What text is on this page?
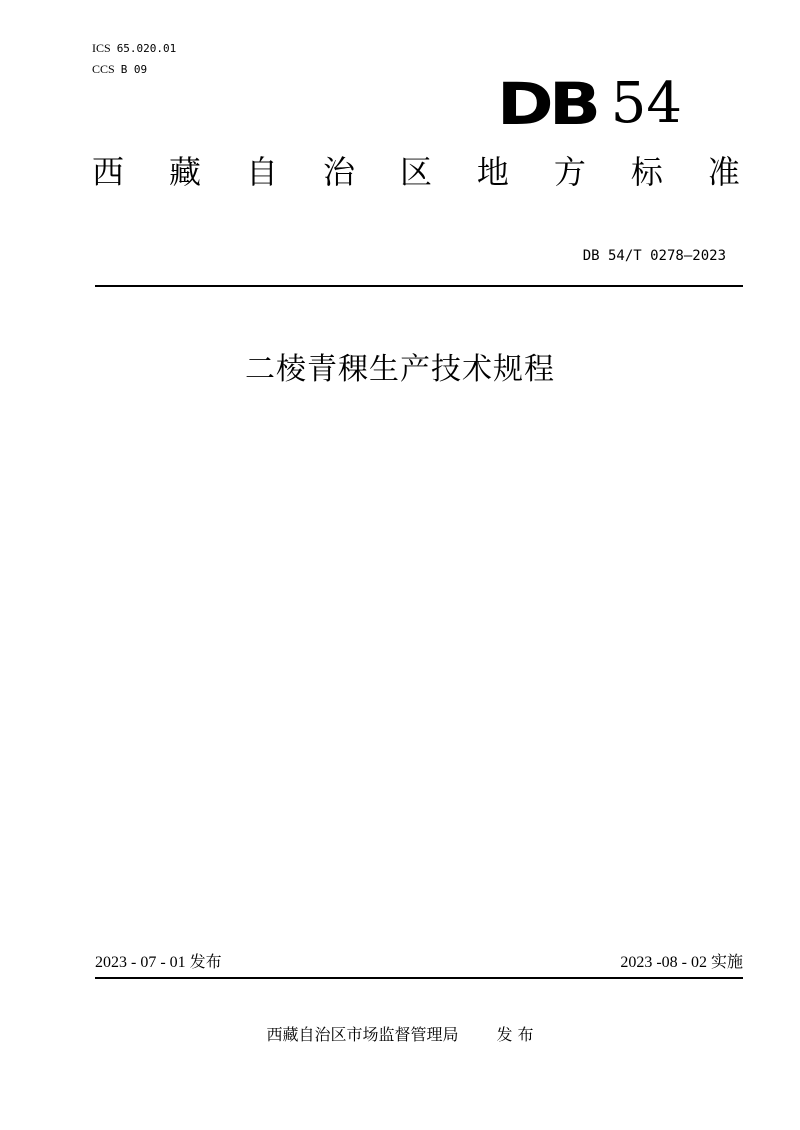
ICS 65.020.01
CCS B 09
DB 54
西 藏 自 治 区 地 方 标 准
DB 54/T 0278—2023
二棱青稞生产技术规程
2023 - 07 - 01 发布	2023 -08 - 02 实施
西藏自治区市场监督管理局 发 布
